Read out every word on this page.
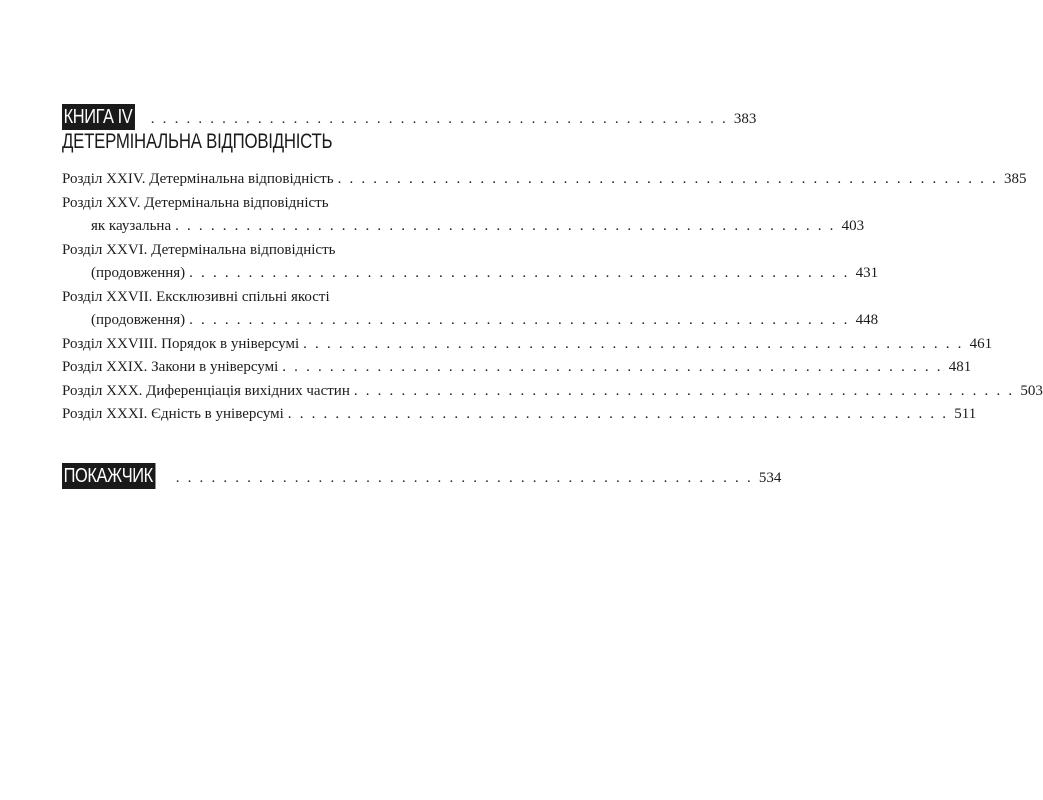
КНИГА IV . . . . . . . . . . . . . . . . . . . . . . . . . . . . . . . . . . . . . . . . . . . . . . . . . 383
ДЕТЕРМІНАЛЬНА ВІДПОВІДНІСТЬ
Розділ XXIV. Детермінальна відповідність . . . . . . . . . . . . . . . . . . . . . . . . . . . . . . . . . . . . . . . . . . . . . . . . . . . . . . . . 385
Розділ XXV. Детермінальна відповідність
як каузальна . . . . . . . . . . . . . . . . . . . . . . . . . . . . . . . . . . . . . . . . . . . . . . . . . . . . . . . . 403
Розділ XXVI. Детермінальна відповідність
(продовження) . . . . . . . . . . . . . . . . . . . . . . . . . . . . . . . . . . . . . . . . . . . . . . . . . . . . . . . . 431
Розділ XXVII. Ексклюзивні спільні якості
(продовження) . . . . . . . . . . . . . . . . . . . . . . . . . . . . . . . . . . . . . . . . . . . . . . . . . . . . . . . . 448
Розділ XXVIII. Порядок в універсумі . . . . . . . . . . . . . . . . . . . . . . . . . . . . . . . . . . . . . . . . . . . . . . . . . . . . . . . . 461
Розділ XXIX. Закони в універсумі . . . . . . . . . . . . . . . . . . . . . . . . . . . . . . . . . . . . . . . . . . . . . . . . . . . . . . . . 481
Розділ XXX. Диференціація вихідних частин . . . . . . . . . . . . . . . . . . . . . . . . . . . . . . . . . . . . . . . . . . . . . . . . . . . . . . . . 503
Розділ XXXI. Єдність в універсумі . . . . . . . . . . . . . . . . . . . . . . . . . . . . . . . . . . . . . . . . . . . . . . . . . . . . . . . . 511
ПОКАЖЧИК . . . . . . . . . . . . . . . . . . . . . . . . . . . . . . . . . . . . . . . . . . . . . . . . . 534
